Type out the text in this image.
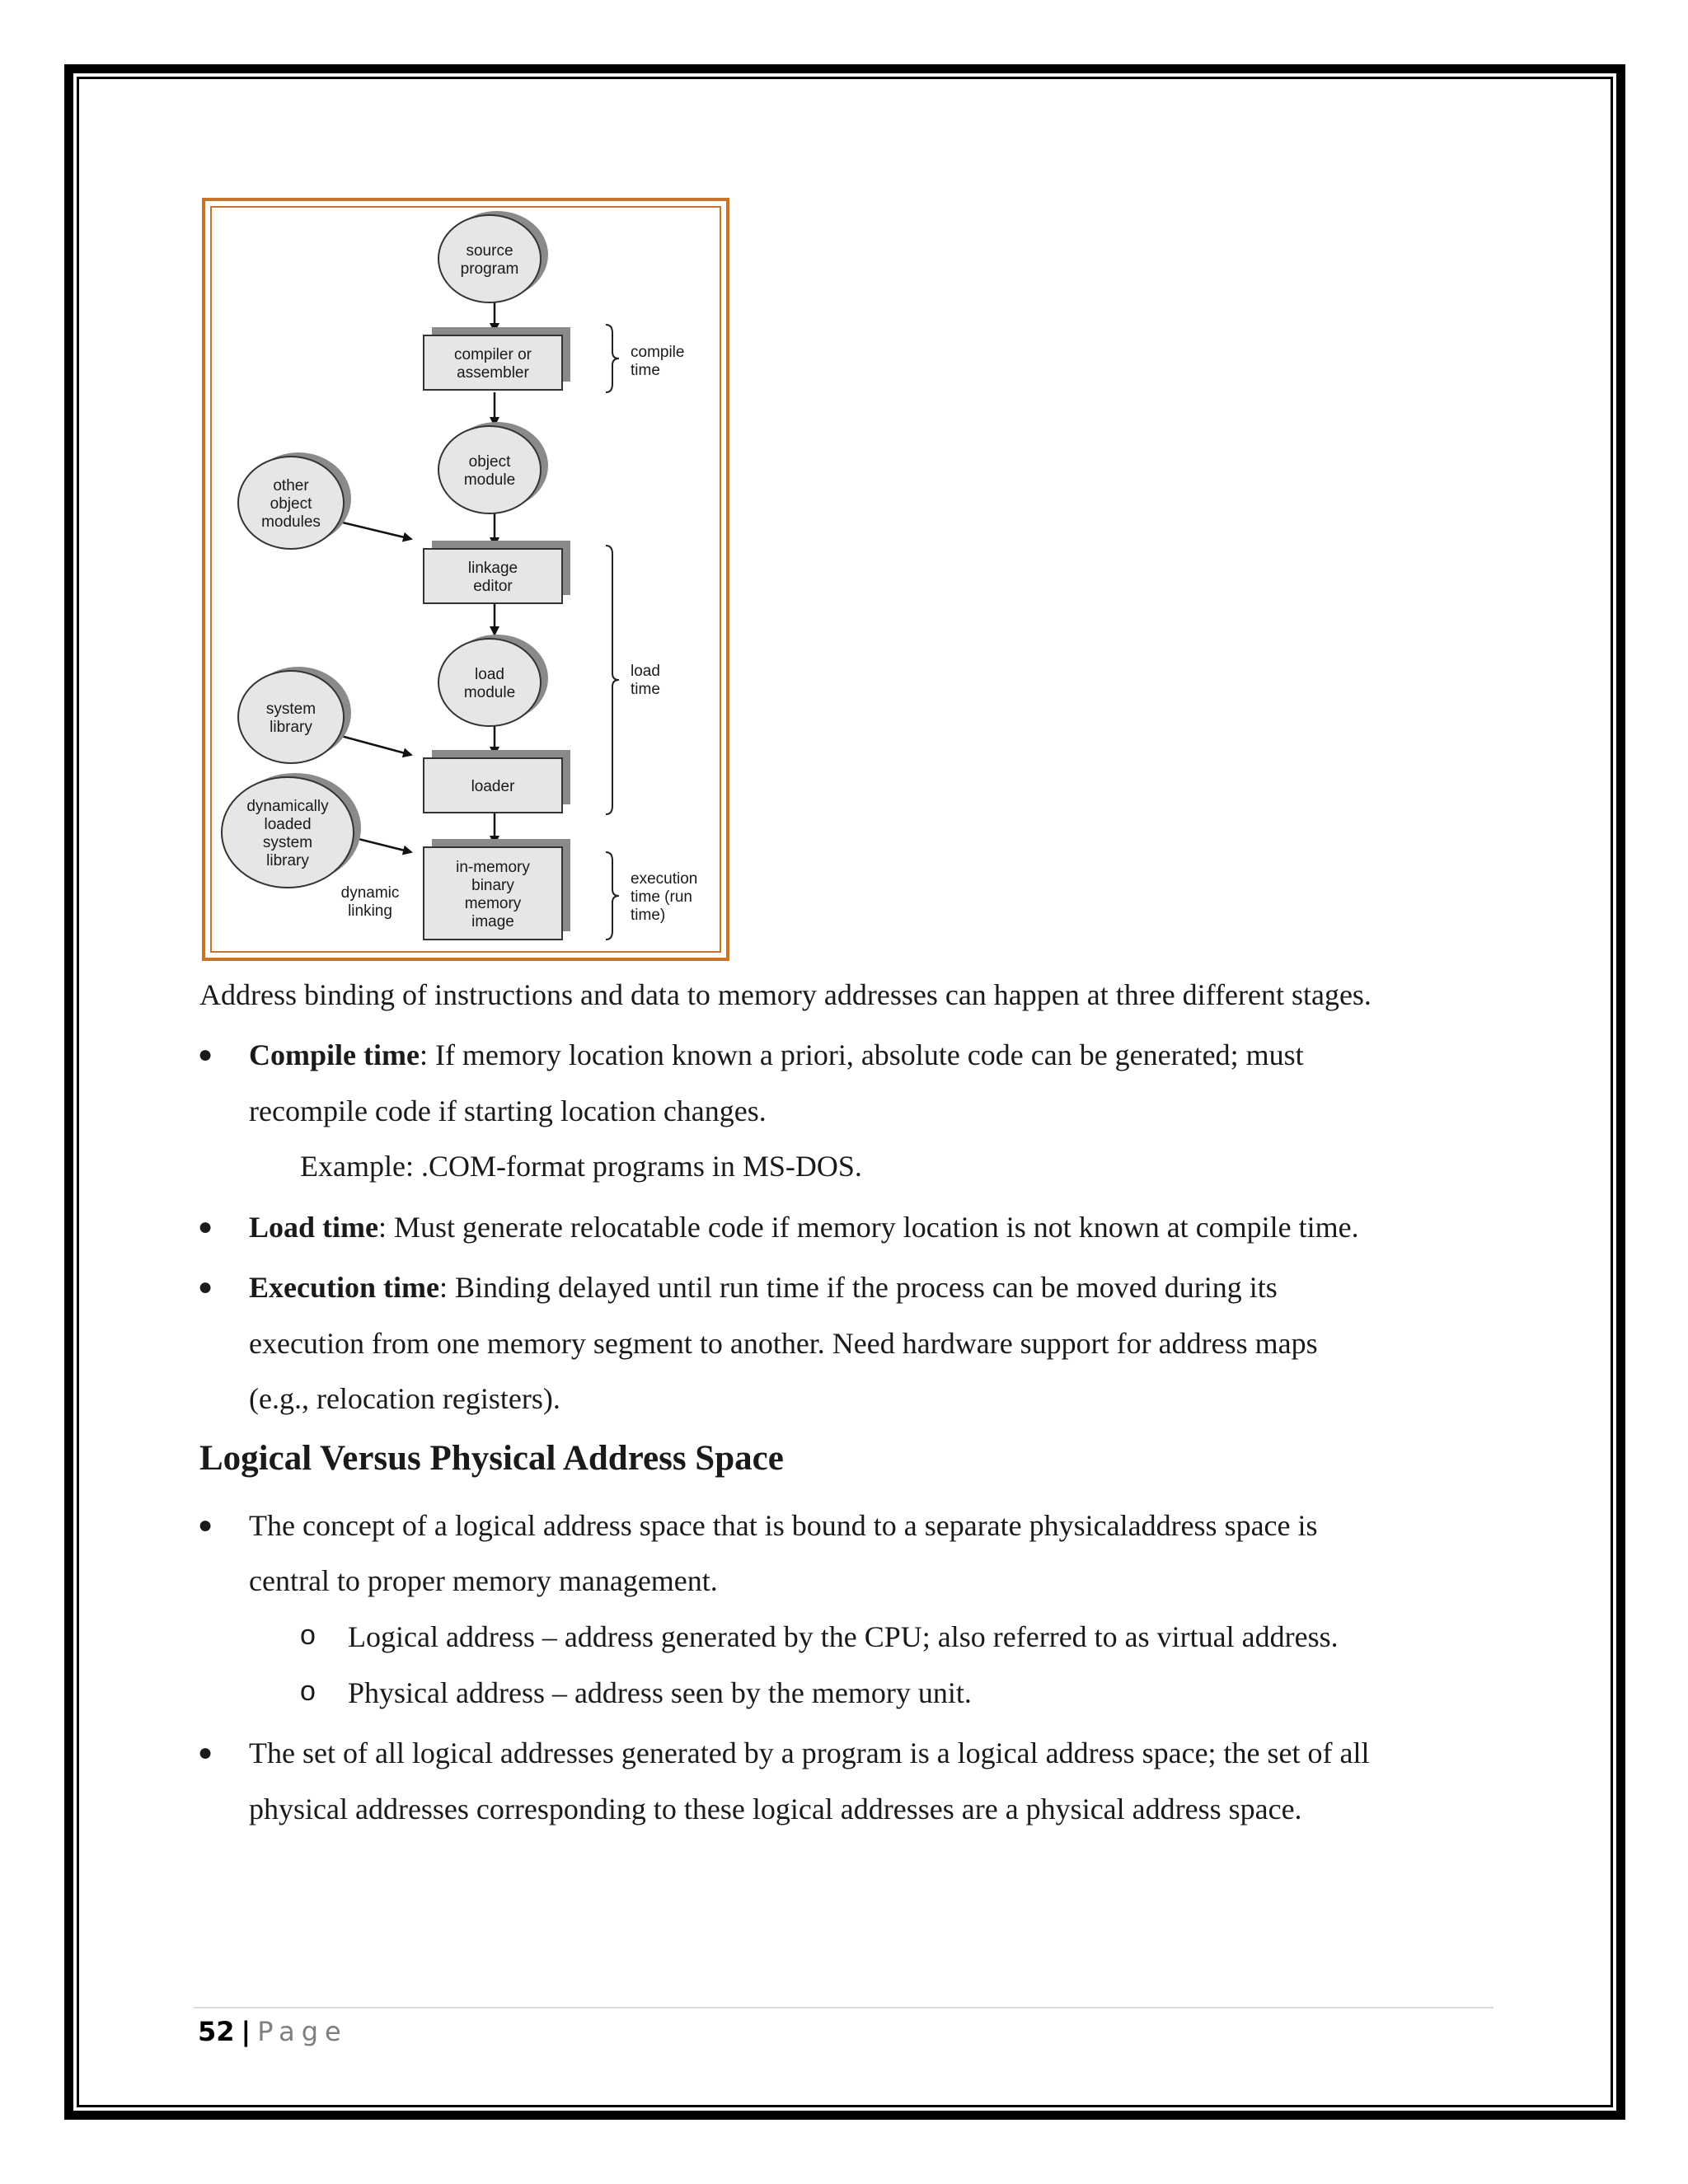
source program
compiler or assembler
object module
other object modules
linkage editor
load module
system library
loader
dynamically loaded system library	in-memory binary memory image
dynamic linking
compile time
load time
execution time (run time)
Address binding of instructions and data to memory addresses can happen at three different stages.
● Compile time: If memory location known a priori, absolute code can be generated; must
recompile code if starting location changes.
Example: .COM-format programs in MS-DOS.
● Load time: Must generate relocatable code if memory location is not known at compile time.
● Execution time: Binding delayed until run time if the process can be moved during its
execution from one memory segment to another. Need hardware support for address maps
(e.g., relocation registers).
Logical Versus Physical Address Space
● The concept of a logical address space that is bound to a separate physicaladdress space is
central to proper memory management.
o Logical address – address generated by the CPU; also referred to as virtual address.
o Physical address – address seen by the memory unit.
● The set of all logical addresses generated by a program is a logical address space; the set of all
physical addresses corresponding to these logical addresses are a physical address space.
52 | Page
